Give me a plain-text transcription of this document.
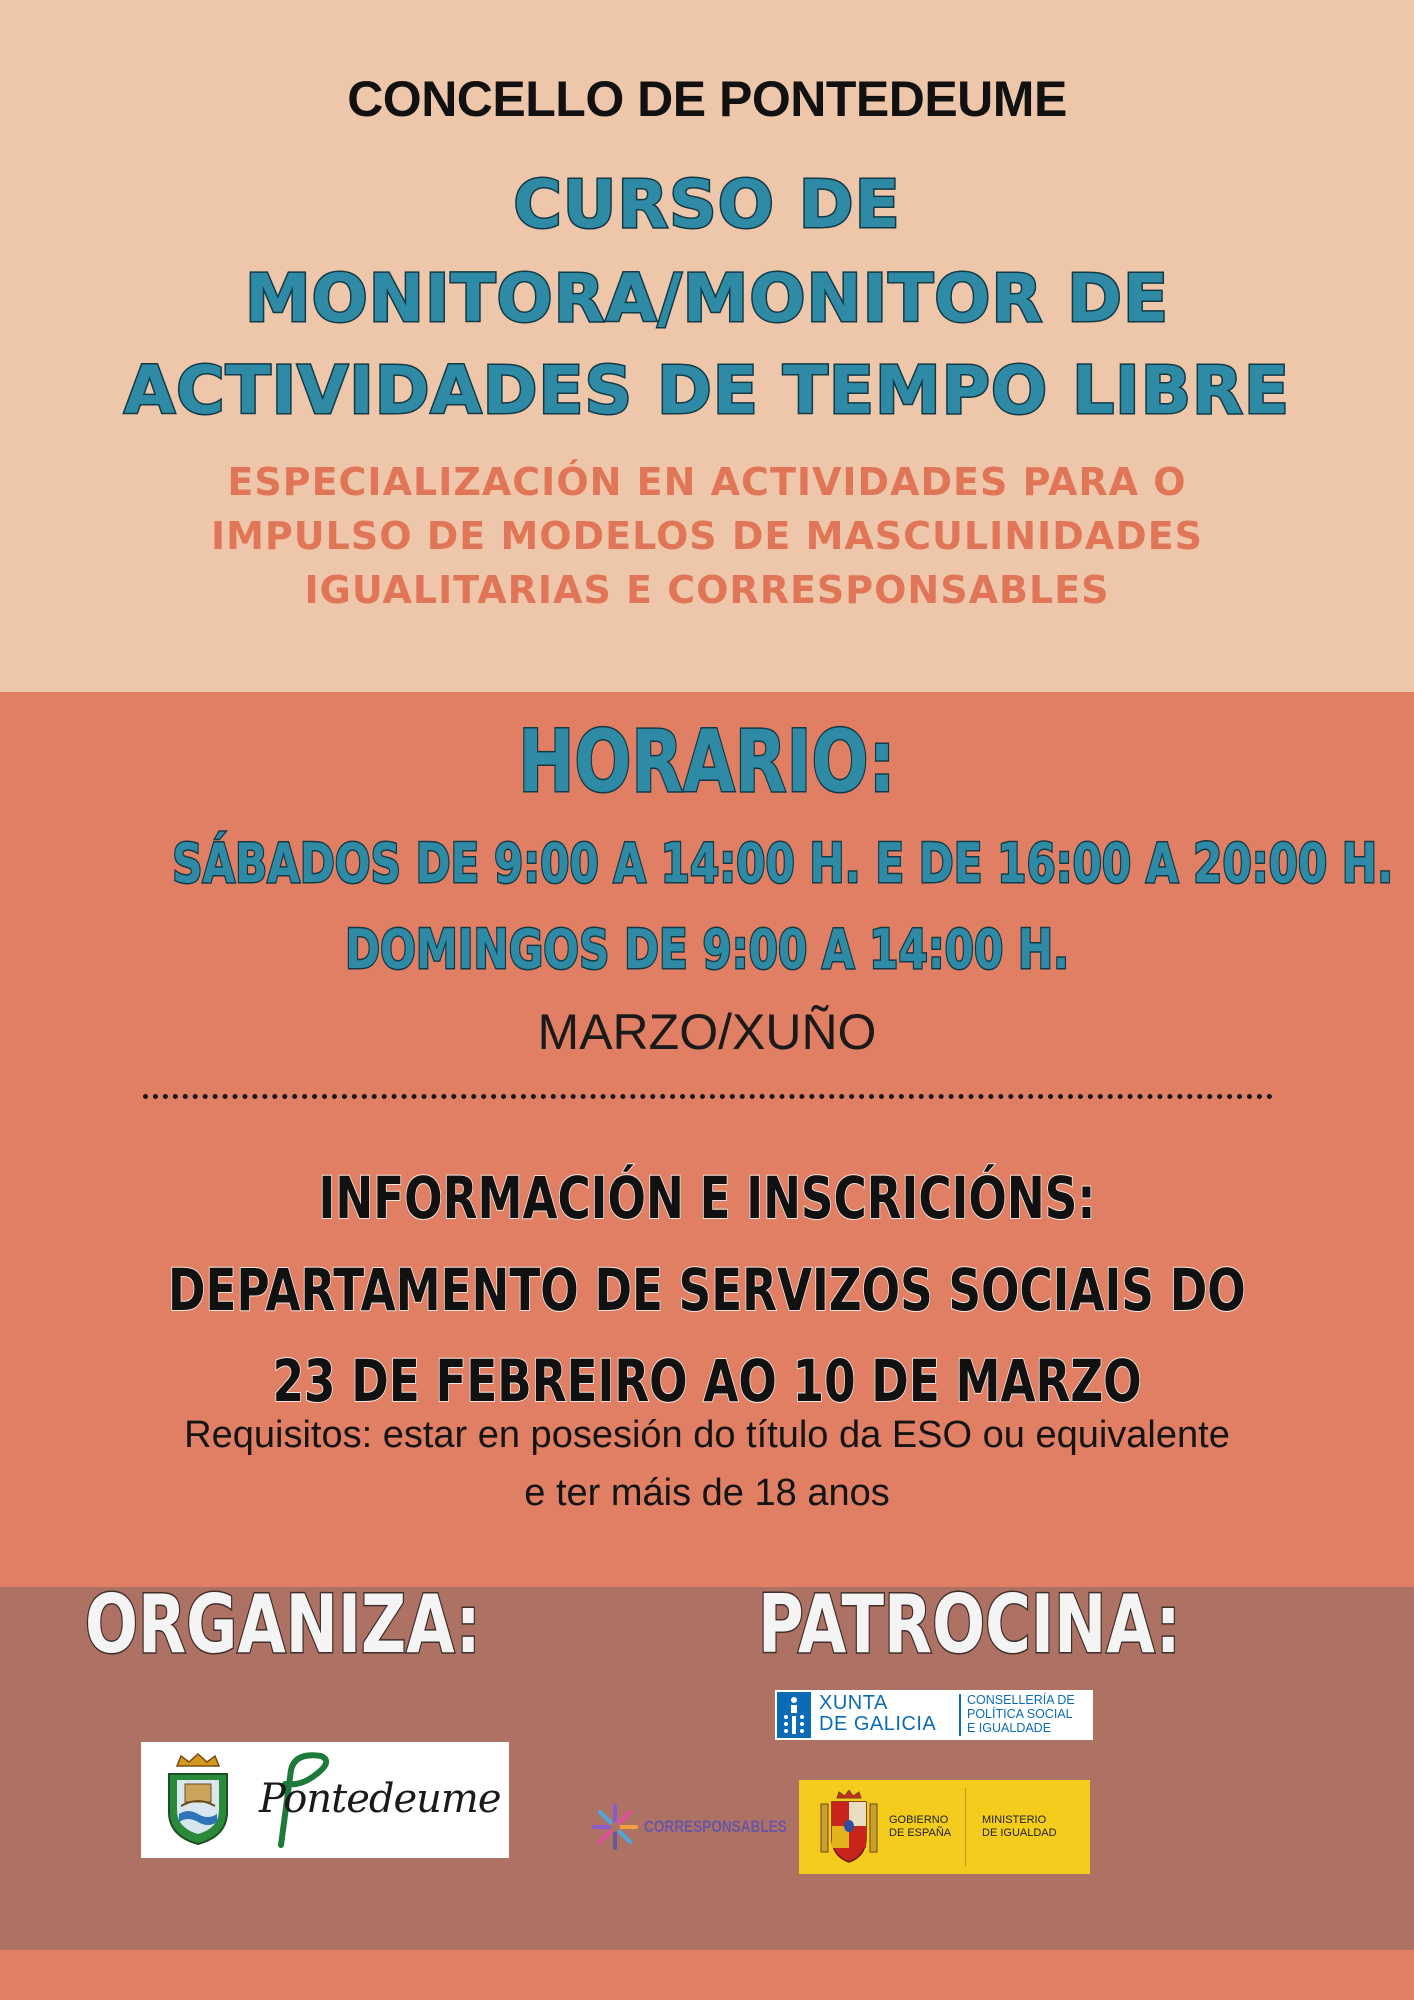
CONCELLO DE PONTEDEUME
CURSO DE
MONITORA/MONITOR DE
ACTIVIDADES DE TEMPO LIBRE
ESPECIALIZACIÓN EN ACTIVIDADES PARA O
IMPULSO DE MODELOS DE MASCULINIDADES
IGUALITARIAS E CORRESPONSABLES
HORARIO:
SÁBADOS DE 9:00 A 14:00 H. E DE 16:00 A 20:00 H.
DOMINGOS DE 9:00 A 14:00 H.
MARZO/XUÑO
INFORMACIÓN E INSCRICIÓNS:
DEPARTAMENTO DE SERVIZOS SOCIAIS DO
23 DE FEBREIRO AO 10 DE MARZO
Requisitos: estar en posesión do título da ESO ou equivalente
e ter máis de 18 anos
ORGANIZA:	PATROCINA:
Pontedeume
XUNTA
DE GALICIA
CONSELLERÍA DE
POLÍTICA SOCIAL
E IGUALDADE
CORRESPONSABLES	GOBIERNO
DE ESPAÑA
MINISTERIO
DE IGUALDAD
